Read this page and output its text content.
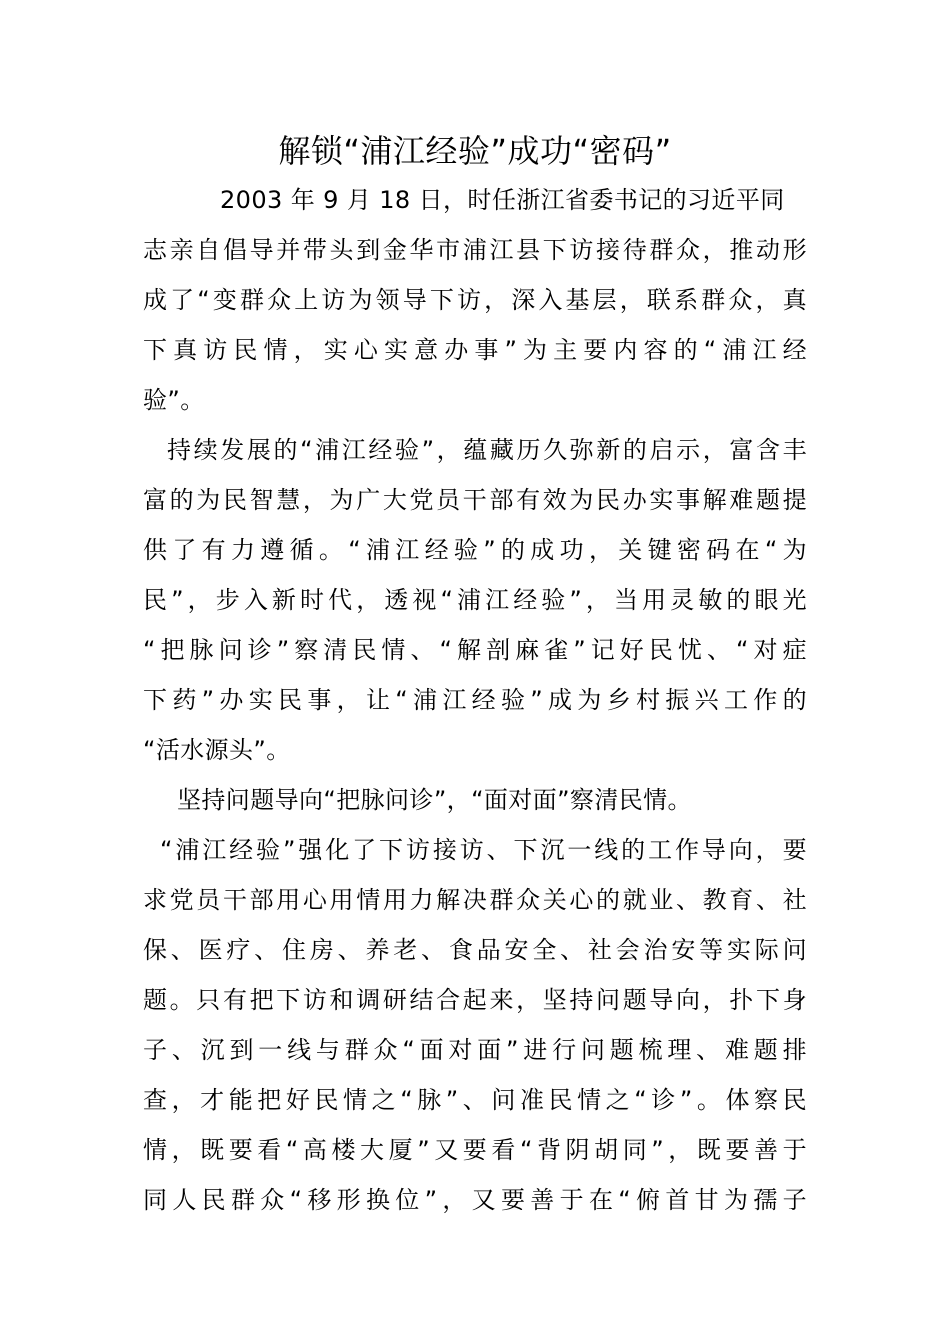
解锁“浦江经验”成功“密码”
2003 年 9 月 18 日，时任浙江省委书记的习近平同
志亲自倡导并带头到金华市浦江县下访接待群众，推动形
成了“变群众上访为领导下访，深入基层，联系群众，真
下真访民情，实心实意办事”为主要内容的“浦江经
验”。
持续发展的“浦江经验”，蕴藏历久弥新的启示，富含丰
富的为民智慧，为广大党员干部有效为民办实事解难题提
供了有力遵循。“浦江经验”的成功，关键密码在“为
民”，步入新时代，透视“浦江经验”，当用灵敏的眼光
“把脉问诊”察清民情、“解剖麻雀”记好民忧、“对症
下药”办实民事，让“浦江经验”成为乡村振兴工作的
“活水源头”。
坚持问题导向“把脉问诊”，“面对面”察清民情。
“浦江经验”强化了下访接访、下沉一线的工作导向，要
求党员干部用心用情用力解决群众关心的就业、教育、社
保、医疗、住房、养老、食品安全、社会治安等实际问
题。只有把下访和调研结合起来，坚持问题导向，扑下身
子、沉到一线与群众“面对面”进行问题梳理、难题排
查，才能把好民情之“脉”、问准民情之“诊”。体察民
情，既要看“高楼大厦”又要看“背阴胡同”，既要善于
同人民群众“移形换位”，又要善于在“俯首甘为孺子
